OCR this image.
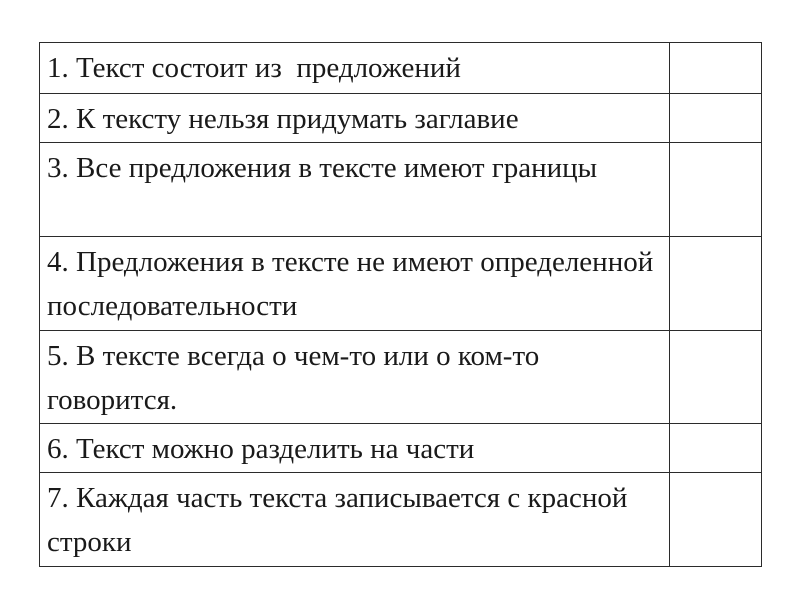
1. Текст состоит из  предложений	
2. К тексту нельзя придумать заглавие	
3. Все предложения в тексте имеют границы	
4. Предложения в тексте не имеют определенной последовательности	
5. В тексте всегда о чем-то или о ком-то говорится.	
6. Текст можно разделить на части	
7. Каждая часть текста записывается с красной строки	
